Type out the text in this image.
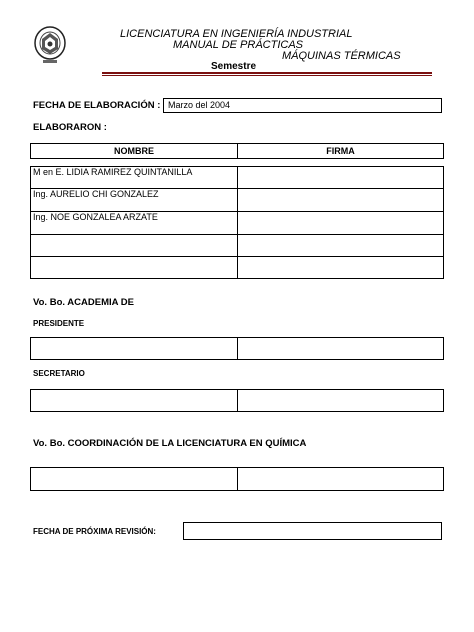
LICENCIATURA EN INGENIERÍA INDUSTRIAL
MANUAL DE PRÁCTICAS
MÁQUINAS TÉRMICAS
Semestre
FECHA DE ELABORACIÓN : Marzo del 2004
ELABORARON :
NOMBRE	FIRMA
M en E. LIDIA RAMIREZ QUINTANILLA
Ing. AURELIO CHI GONZALEZ
Ing. NOE GONZALEA ARZATE
Vo. Bo. ACADEMIA DE
PRESIDENTE
SECRETARIO
Vo. Bo. COORDINACIÓN DE LA LICENCIATURA EN QUÍMICA
FECHA DE PRÓXIMA REVISIÓN:
